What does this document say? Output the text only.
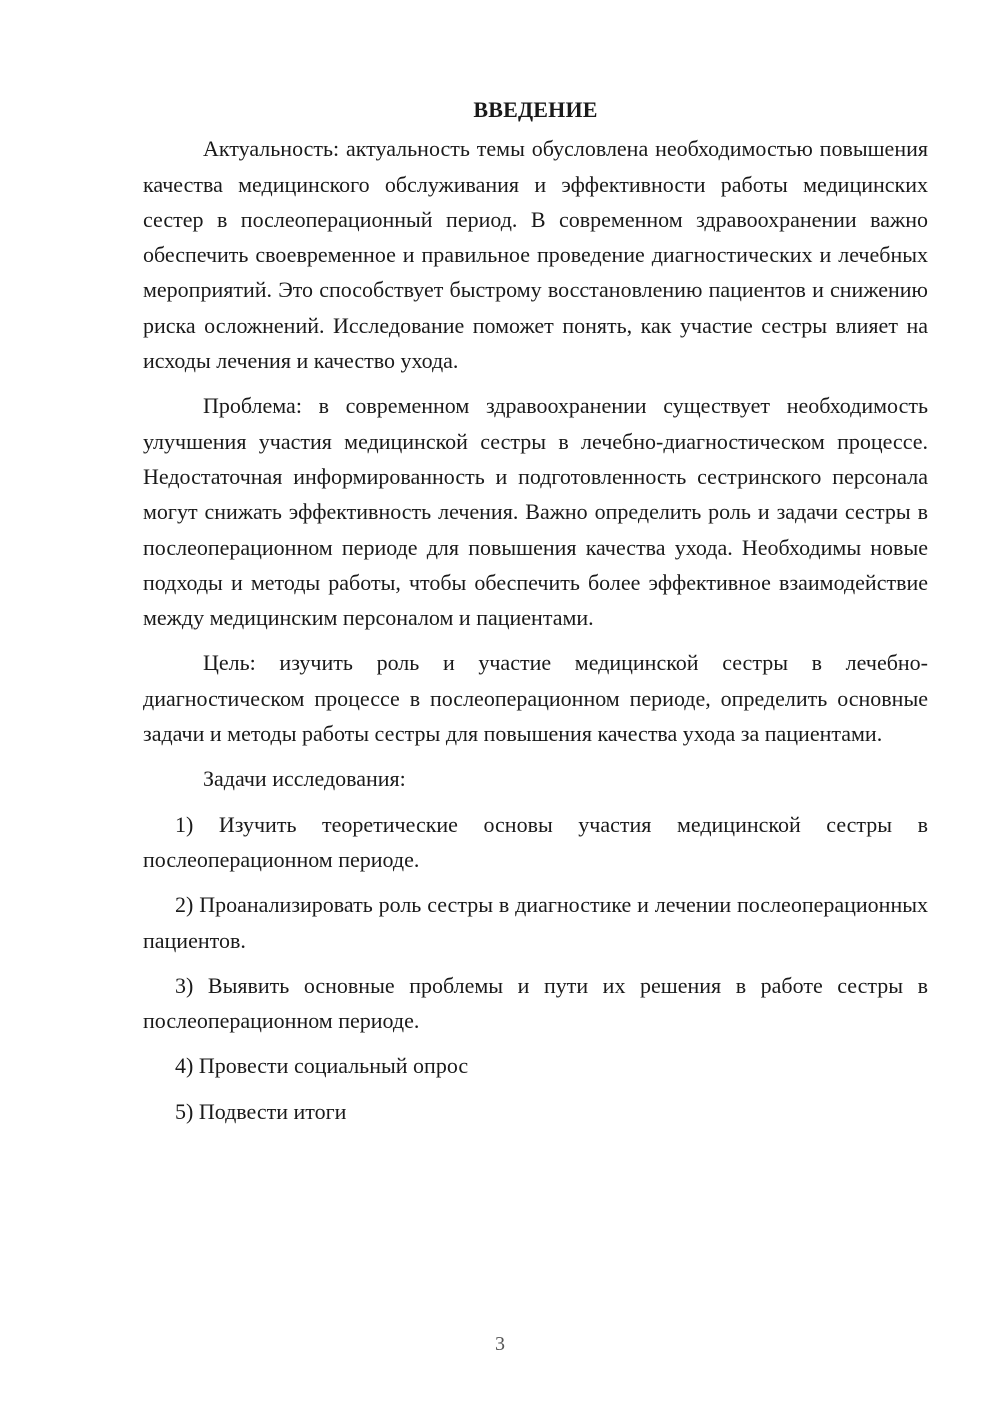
ВВЕДЕНИЕ

Актуальность: актуальность темы обусловлена необходимостью повышения качества медицинского обслуживания и эффективности работы медицинских сестер в послеоперационный период. В современном здравоохранении важно обеспечить своевременное и правильное проведение диагностических и лечебных мероприятий. Это способствует быстрому восстановлению пациентов и снижению риска осложнений. Исследование поможет понять, как участие сестры влияет на исходы лечения и качество ухода.

Проблема: в современном здравоохранении существует необходимость улучшения участия медицинской сестры в лечебно-диагностическом процессе. Недостаточная информированность и подготовленность сестринского персонала могут снижать эффективность лечения. Важно определить роль и задачи сестры в послеоперационном периоде для повышения качества ухода. Необходимы новые подходы и методы работы, чтобы обеспечить более эффективное взаимодействие между медицинским персоналом и пациентами.

Цель: изучить роль и участие медицинской сестры в лечебно-диагностическом процессе в послеоперационном периоде, определить основные задачи и методы работы сестры для повышения качества ухода за пациентами.

Задачи исследования:

1) Изучить теоретические основы участия медицинской сестры в послеоперационном периоде.

2) Проанализировать роль сестры в диагностике и лечении послеоперационных пациентов.

3) Выявить основные проблемы и пути их решения в работе сестры в послеоперационном периоде.

4) Провести социальный опрос

5) Подвести итоги

3
